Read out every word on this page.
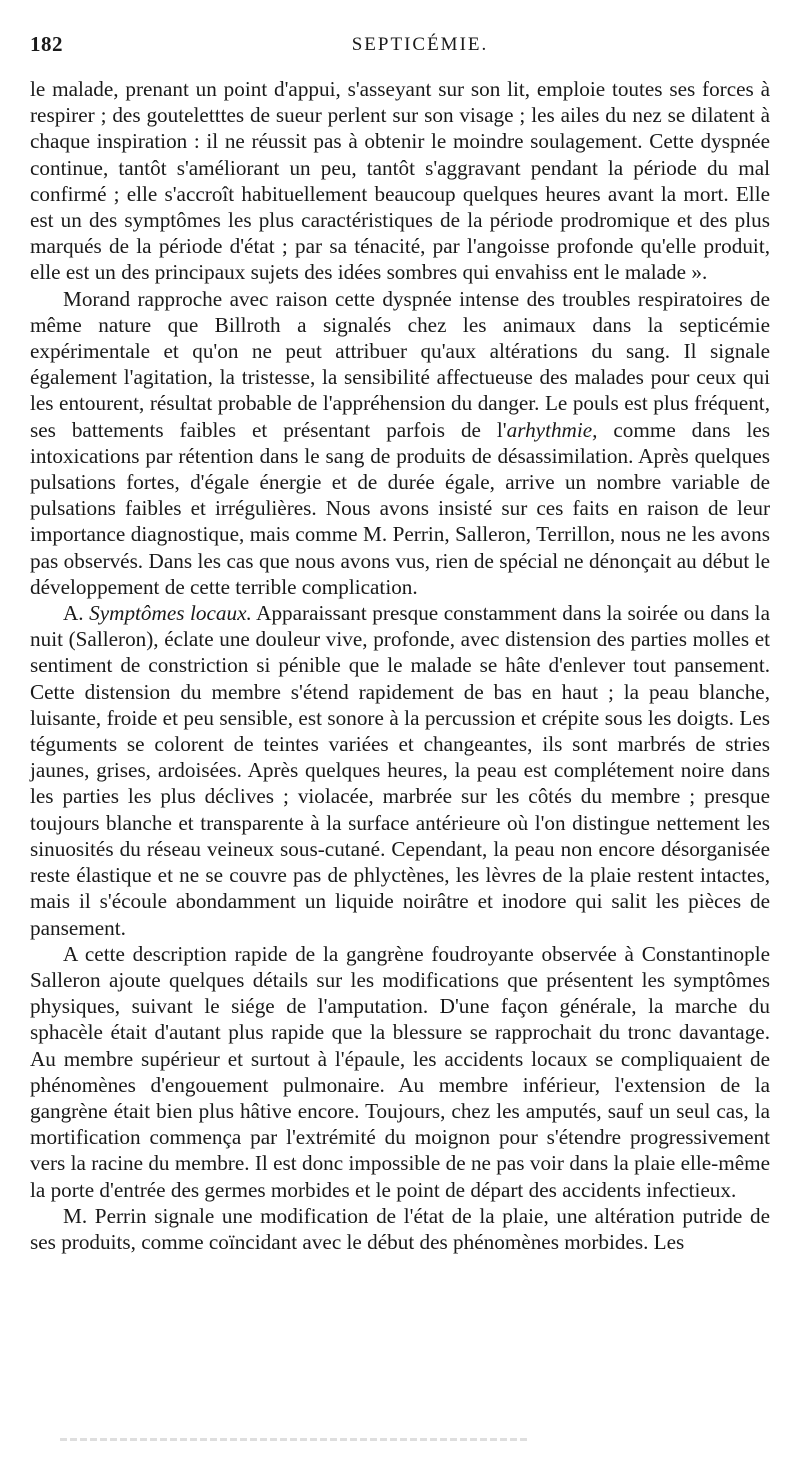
182	SEPTICÉMIE.

le malade, prenant un point d'appui, s'asseyant sur son lit, emploie toutes ses forces à respirer ; des gouteletttes de sueur perlent sur son visage ; les ailes du nez se dilatent à chaque inspiration : il ne réussit pas à obtenir le moindre soulagement. Cette dyspnée continue, tantôt s'améliorant un peu, tantôt s'aggravant pendant la période du mal confirmé ; elle s'accroît habituellement beaucoup quelques heures avant la mort. Elle est un des symptômes les plus caractéristiques de la période prodromique et des plus marqués de la période d'état ; par sa ténacité, par l'angoisse profonde qu'elle produit, elle est un des principaux sujets des idées sombres qui envahiss ent le malade ».

Morand rapproche avec raison cette dyspnée intense des troubles respiratoires de même nature que Billroth a signalés chez les animaux dans la septicémie expérimentale et qu'on ne peut attribuer qu'aux altérations du sang. Il signale également l'agitation, la tristesse, la sensibilité affectueuse des malades pour ceux qui les entourent, résultat probable de l'appréhension du danger. Le pouls est plus fréquent, ses battements faibles et présentant parfois de l'arhythmie, comme dans les intoxications par rétention dans le sang de produits de désassimilation. Après quelques pulsations fortes, d'égale énergie et de durée égale, arrive un nombre variable de pulsations faibles et irrégulières. Nous avons insisté sur ces faits en raison de leur importance diagnostique, mais comme M. Perrin, Salleron, Terrillon, nous ne les avons pas observés. Dans les cas que nous avons vus, rien de spécial ne dénonçait au début le développement de cette terrible complication.

A. Symptômes locaux. Apparaissant presque constamment dans la soirée ou dans la nuit (Salleron), éclate une douleur vive, profonde, avec distension des parties molles et sentiment de constriction si pénible que le malade se hâte d'enlever tout pansement. Cette distension du membre s'étend rapidement de bas en haut ; la peau blanche, luisante, froide et peu sensible, est sonore à la percussion et crépite sous les doigts. Les téguments se colorent de teintes variées et changeantes, ils sont marbrés de stries jaunes, grises, ardoisées. Après quelques heures, la peau est complétement noire dans les parties les plus déclives ; violacée, marbrée sur les côtés du membre ; presque toujours blanche et transparente à la surface antérieure où l'on distingue nettement les sinuosités du réseau veineux sous-cutané. Cependant, la peau non encore désorganisée reste élastique et ne se couvre pas de phlyctènes, les lèvres de la plaie restent intactes, mais il s'écoule abondamment un liquide noirâtre et inodore qui salit les pièces de pansement.

A cette description rapide de la gangrène foudroyante observée à Constantinople Salleron ajoute quelques détails sur les modifications que présentent les symptômes physiques, suivant le siége de l'amputation. D'une façon générale, la marche du sphacèle était d'autant plus rapide que la blessure se rapprochait du tronc davantage. Au membre supérieur et surtout à l'épaule, les accidents locaux se compliquaient de phénomènes d'engouement pulmonaire. Au membre inférieur, l'extension de la gangrène était bien plus hâtive encore. Toujours, chez les amputés, sauf un seul cas, la mortification commença par l'extrémité du moignon pour s'étendre progressivement vers la racine du membre. Il est donc impossible de ne pas voir dans la plaie elle-même la porte d'entrée des germes morbides et le point de départ des accidents infectieux.

M. Perrin signale une modification de l'état de la plaie, une altération putride de ses produits, comme coïncidant avec le début des phénomènes morbides. Les
